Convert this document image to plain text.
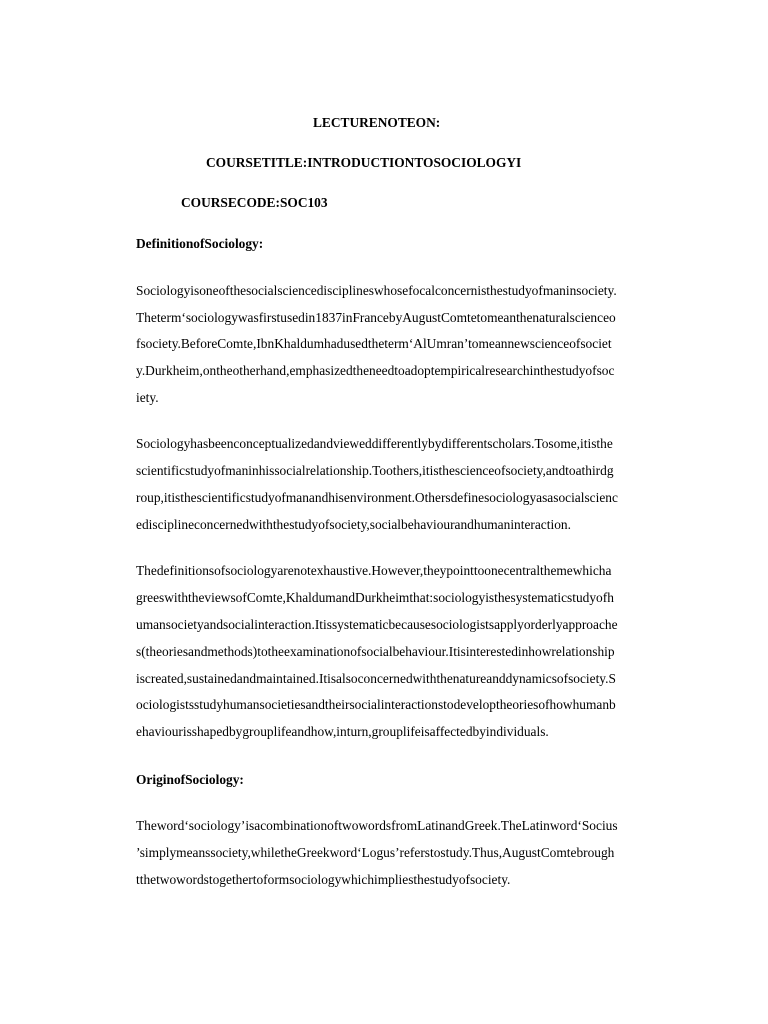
LECTURENOTEON:
COURSETITLE:INTRODUCTIONTOSOCIOLOGYI
COURSECODE:SOC103
DefinitionofSociology:
Sociologyisoneofthesocialsciencedisciplineswhosefocalconcernisthestudyofmaninsociety.
Theterm‘sociologywasfirstusedin1837inFrancebyAugustComtetomeanthenaturalscienceo
fsociety.BeforeComte,IbnKhaldumhadusedtheterm‘AlUmran’tomeannewscienceofsociet
y.Durkheim,ontheotherhand,emphasizedtheneedtoadoptempiricalresearchinthestudyofsoc
iety.
Sociologyhasbeenconceptualizedandvieweddifferentlybydifferentscholars.Tosome,itisthe
scientificstudyofmaninhissocialrelationship.Toothers,itisthescienceofsociety,andtoathirdg
roup,itisthescientificstudyofmanandhisenvironment.Othersdefinesociologyasasocialscienc
edisciplineconcernedwiththestudyofsociety,socialbehaviourandhumaninteraction.
Thedefinitionsofsociologyarenotexhaustive.However,theypointtoonecentralthemewhicha
greeswiththeviewsofComte,KhaldumandDurkheimthat:sociologyisthesystematicstudyofh
umansocietyandsocialinteraction.Itissystematicbecausesociologistsapplyorderlyapproache
s(theoriesandmethods)totheexaminationofsocialbehaviour.Itisinterestedinhowrelationship
iscreated,sustainedandmaintained.Itisalsoconcernedwiththenatureanddynamicsofsociety.S
ociologistsstudyhumansocietiesandtheirsocialinteractionstodeveloptheoriesofhowhumanb
ehaviourisshapedbygrouplifeandhow,inturn,grouplifeisaffectedbyindividuals.
OriginofSociology:
Theword‘sociology’isacombinationoftwowordsfromLatinandGreek.TheLatinword‘Socius
’simplymeanssociety,whiletheGreekword‘Logus’referstostudy.Thus,AugustComtebrough
tthetwowordstogethertoformsociologywhichimpliesthestudyofsociety.
